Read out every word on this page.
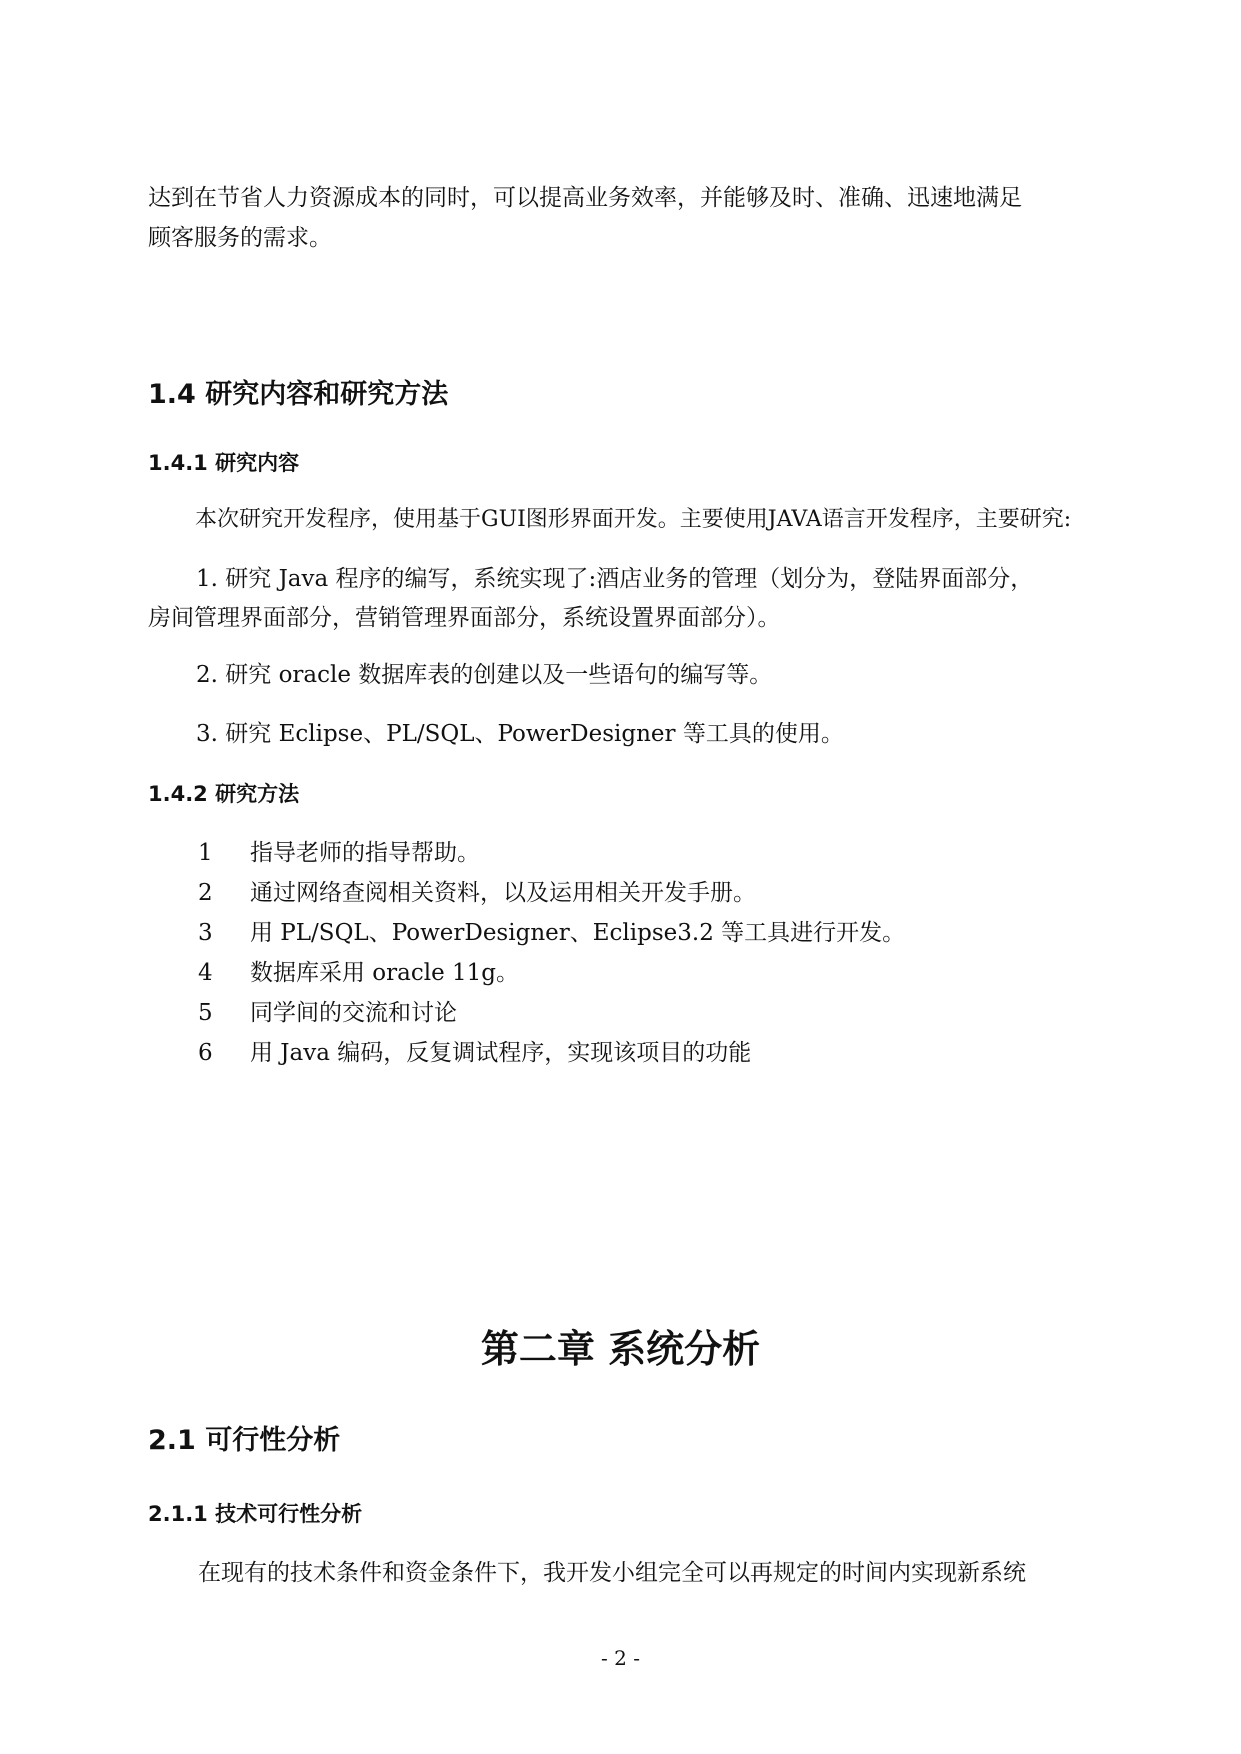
达到在节省人力资源成本的同时，可以提高业务效率，并能够及时、准确、迅速地满足
顾客服务的需求。
1.4 研究内容和研究方法
1.4.1 研究内容
本次研究开发程序，使用基于GUI图形界面开发。主要使用JAVA语言开发程序，主要研究:
1. 研究 Java 程序的编写，系统实现了:酒店业务的管理（划分为，登陆界面部分，
房间管理界面部分，营销管理界面部分，系统设置界面部分）。
2. 研究 oracle 数据库表的创建以及一些语句的编写等。
3. 研究 Eclipse、PL/SQL、PowerDesigner 等工具的使用。
1.4.2 研究方法
1 指导老师的指导帮助。
2 通过网络查阅相关资料，以及运用相关开发手册。
3 用 PL/SQL、PowerDesigner、Eclipse3.2 等工具进行开发。
4 数据库采用 oracle 11g。
5 同学间的交流和讨论
6 用 Java 编码，反复调试程序，实现该项目的功能
第二章 系统分析
2.1 可行性分析
2.1.1 技术可行性分析
在现有的技术条件和资金条件下，我开发小组完全可以再规定的时间内实现新系统
- 2 -
